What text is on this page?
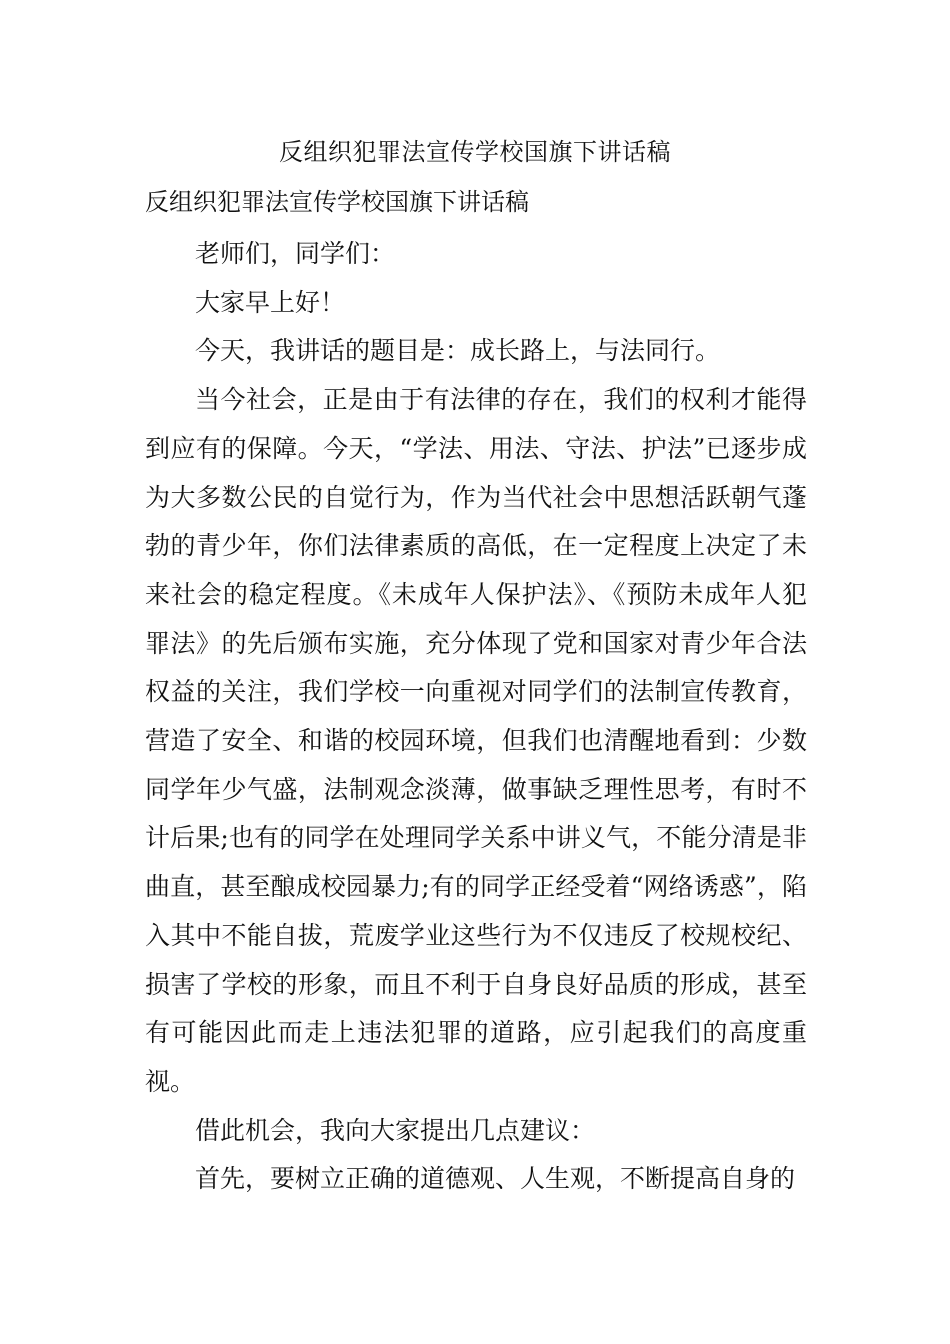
反组织犯罪法宣传学校国旗下讲话稿
反组织犯罪法宣传学校国旗下讲话稿

老师们，同学们：

大家早上好！

今天，我讲话的题目是：成长路上，与法同行。

当今社会，正是由于有法律的存在，我们的权利才能得到应有的保障。今天，“学法、用法、守法、护法”已逐步成为大多数公民的自觉行为，作为当代社会中思想活跃朝气蓬勃的青少年，你们法律素质的高低，在一定程度上决定了未来社会的稳定程度。《未成年人保护法》、《预防未成年人犯罪法》的先后颁布实施，充分体现了党和国家对青少年合法权益的关注，我们学校一向重视对同学们的法制宣传教育，营造了安全、和谐的校园环境，但我们也清醒地看到：少数同学年少气盛，法制观念淡薄，做事缺乏理性思考，有时不计后果;也有的同学在处理同学关系中讲义气，不能分清是非曲直，甚至酿成校园暴力;有的同学正经受着“网络诱惑”，陷入其中不能自拔，荒废学业这些行为不仅违反了校规校纪、损害了学校的形象，而且不利于自身良好品质的形成，甚至有可能因此而走上违法犯罪的道路，应引起我们的高度重视。

借此机会，我向大家提出几点建议：

首先，要树立正确的道德观、人生观，不断提高自身的
